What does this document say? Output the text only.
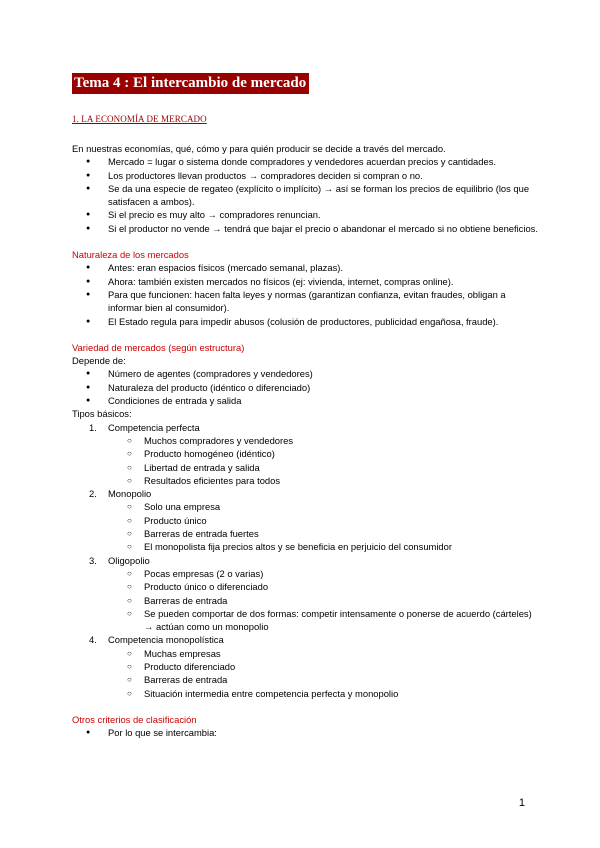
Tema 4 : El intercambio de mercado
1. LA ECONOMÍA DE MERCADO

En nuestras economías, qué, cómo y para quién producir se decide a través del mercado.

● Mercado = lugar o sistema donde compradores y vendedores acuerdan precios y cantidades.
● Los productores llevan productos → compradores deciden si compran o no.
● Se da una especie de regateo (explícito o implícito) → así se forman los precios de equilibrio (los que satisfacen a ambos).
● Si el precio es muy alto → compradores renuncian.
● Si el productor no vende → tendrá que bajar el precio o abandonar el mercado si no obtiene beneficios.

Naturaleza de los mercados

● Antes: eran espacios físicos (mercado semanal, plazas).
● Ahora: también existen mercados no físicos (ej: vivienda, internet, compras online).
● Para que funcionen: hacen falta leyes y normas (garantizan confianza, evitan fraudes, obligan a informar bien al consumidor).
● El Estado regula para impedir abusos (colusión de productores, publicidad engañosa, fraude).

Variedad de mercados (según estructura)

Depende de:

● Número de agentes (compradores y vendedores)
● Naturaleza del producto (idéntico o diferenciado)
● Condiciones de entrada y salida

Tipos básicos:

1. Competencia perfecta
○ Muchos compradores y vendedores
○ Producto homogéneo (idéntico)
○ Libertad de entrada y salida
○ Resultados eficientes para todos
2. Monopolio
○ Solo una empresa
○ Producto único
○ Barreras de entrada fuertes
○ El monopolista fija precios altos y se beneficia en perjuicio del consumidor
3. Oligopolio
○ Pocas empresas (2 o varias)
○ Producto único o diferenciado
○ Barreras de entrada
○ Se pueden comportar de dos formas: competir intensamente o ponerse de acuerdo (cárteles) → actúan como un monopolio
4. Competencia monopolística
○ Muchas empresas
○ Producto diferenciado
○ Barreras de entrada
○ Situación intermedia entre competencia perfecta y monopolio

Otros criterios de clasificación

● Por lo que se intercambia:
1
